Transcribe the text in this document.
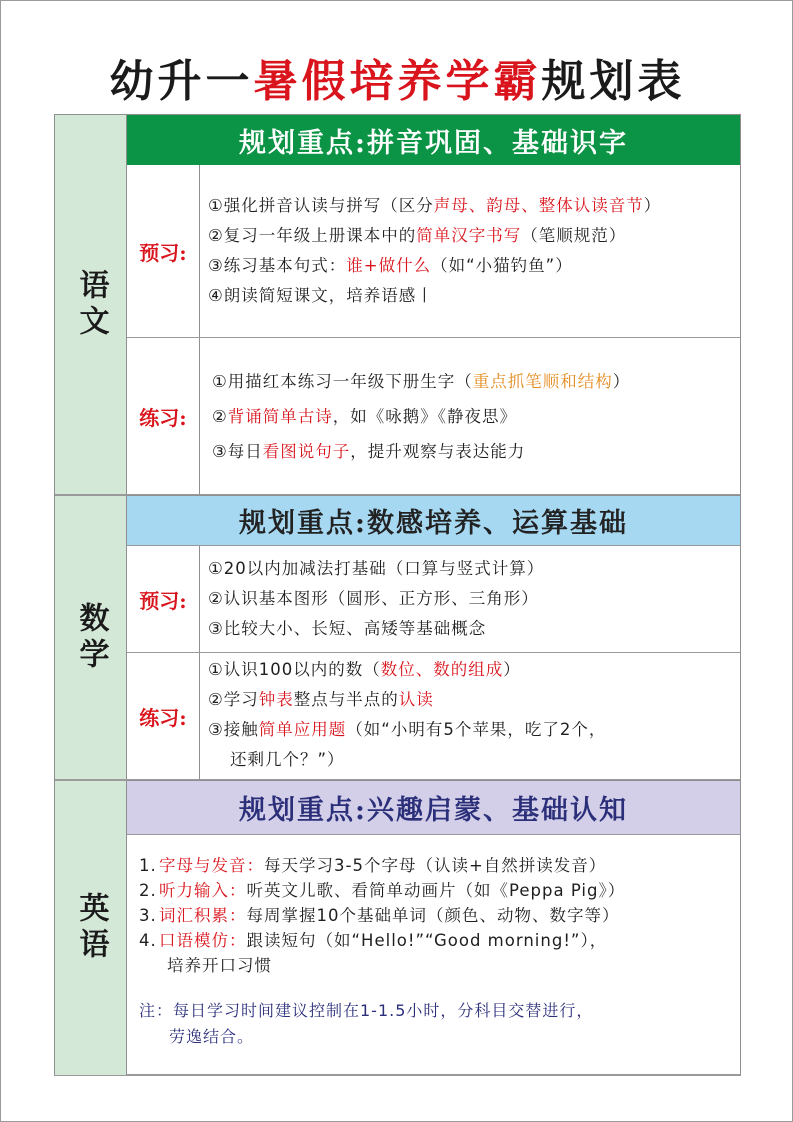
幼升一暑假培养学霸规划表
语文
数学
英语
规划重点:拼音巩固、基础识字
预习:
①强化拼音认读与拼写（区分声母、韵母、整体认读音节）
②复习一年级上册课本中的简单汉字书写（笔顺规范）
③练习基本句式：谁+做什么（如“小猫钓鱼”）
④朗读简短课文，培养语感丨
练习:
①用描红本练习一年级下册生字（重点抓笔顺和结构）
②背诵简单古诗，如《咏鹅》《静夜思》
③每日看图说句子，提升观察与表达能力
规划重点:数感培养、运算基础
预习:
①20以内加减法打基础（口算与竖式计算）
②认识基本图形（圆形、正方形、三角形）
③比较大小、长短、高矮等基础概念
练习:
①认识100以内的数（数位、数的组成）
②学习钟表整点与半点的认读
③接触简单应用题（如“小明有5个苹果，吃了2个，
还剩几个？”）
规划重点:兴趣启蒙、基础认知
1. 字母与发音：每天学习3-5个字母（认读+自然拼读发音）
2. 听力输入：听英文儿歌、看简单动画片（如《Peppa Pig》）
3. 词汇积累：每周掌握10个基础单词（颜色、动物、数字等）
4. 口语模仿：跟读短句（如“Hello!”“Good morning!”），
培养开口习惯
注：每日学习时间建议控制在1-1.5小时，分科目交替进行，
劳逸结合。
